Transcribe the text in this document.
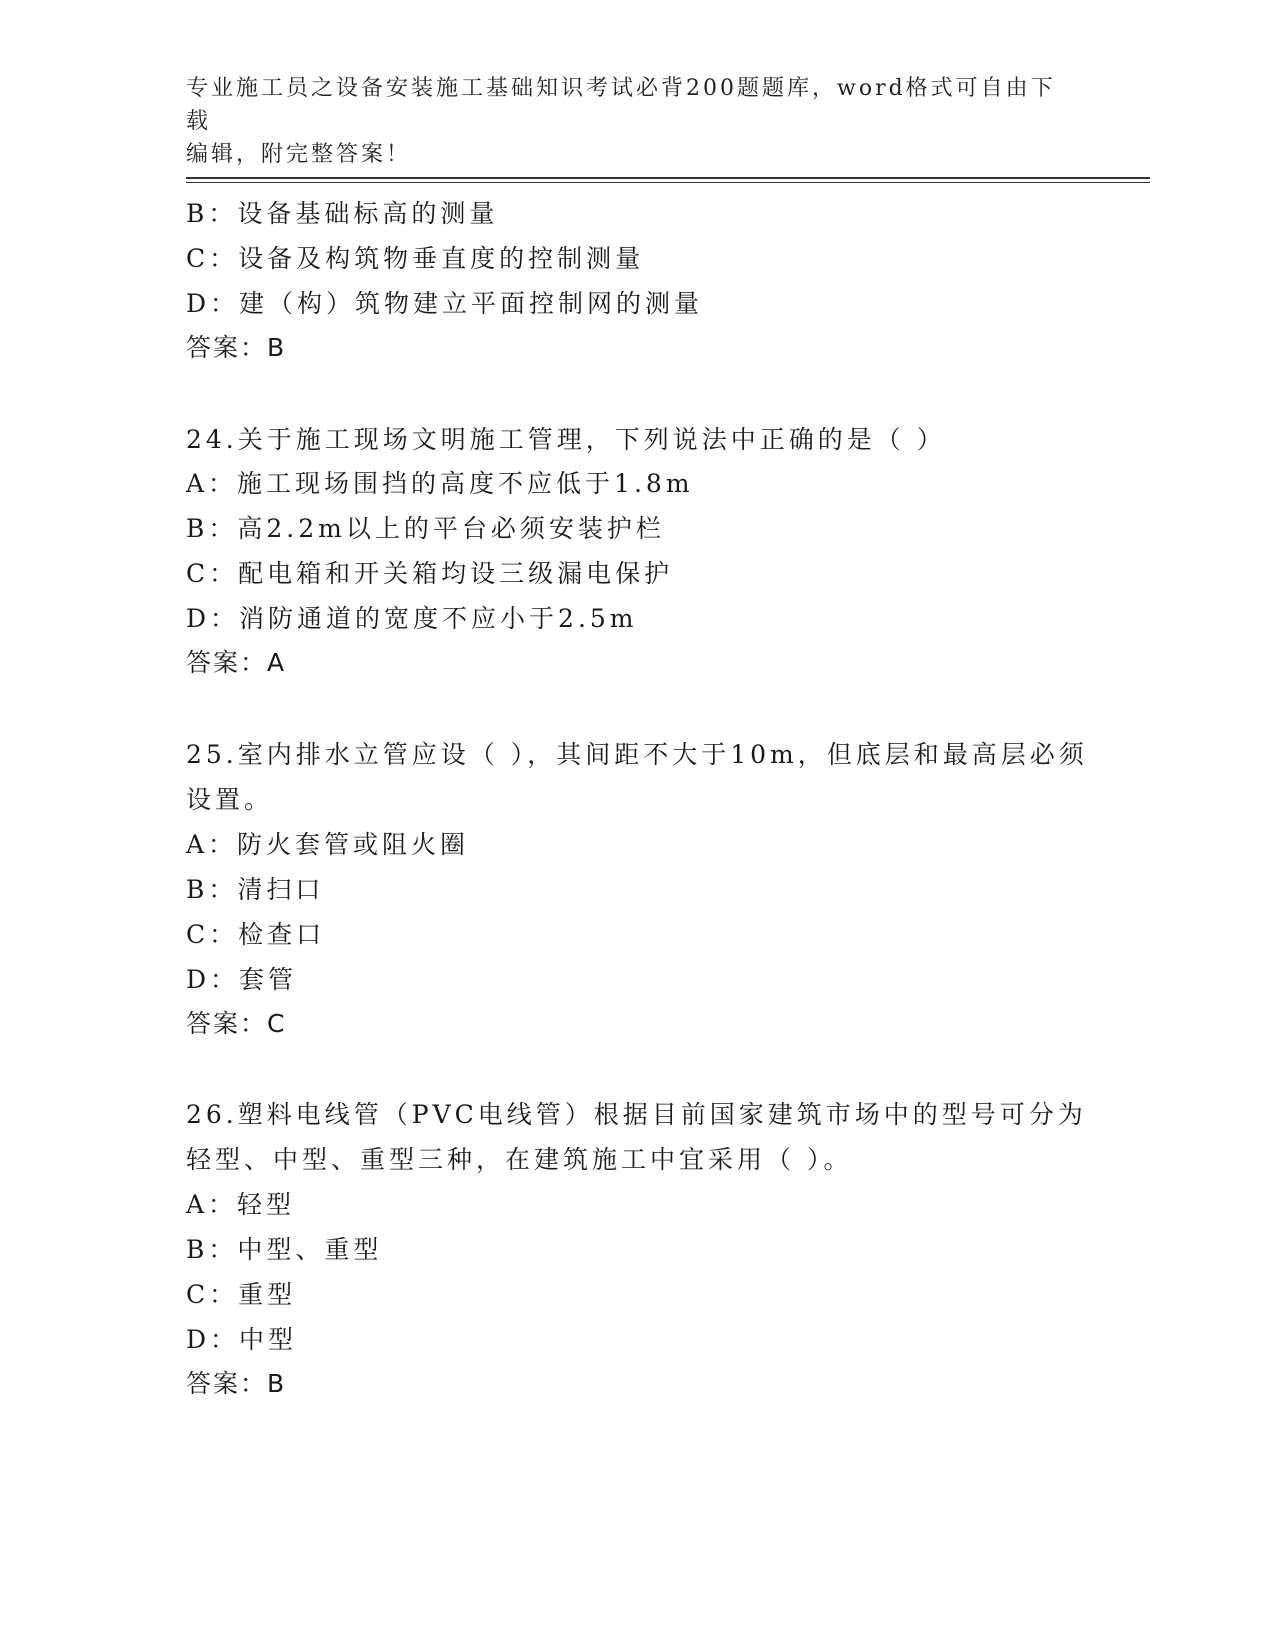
专业施工员之设备安装施工基础知识考试必背200题题库，word格式可自由下载
编辑，附完整答案！
B：设备基础标高的测量
C：设备及构筑物垂直度的控制测量
D：建（构）筑物建立平面控制网的测量
答案：B
24.关于施工现场文明施工管理，下列说法中正确的是（ ）
A：施工现场围挡的高度不应低于1.8m
B：高2.2m以上的平台必须安装护栏
C：配电箱和开关箱均设三级漏电保护
D：消防通道的宽度不应小于2.5m
答案：A
25.室内排水立管应设（ ），其间距不大于10m，但底层和最高层必须
设置。
A：防火套管或阻火圈
B：清扫口
C：检查口
D：套管
答案：C
26.塑料电线管（PVC电线管）根据目前国家建筑市场中的型号可分为
轻型、中型、重型三种，在建筑施工中宜采用（ ）。
A：轻型
B：中型、重型
C：重型
D：中型
答案：B
